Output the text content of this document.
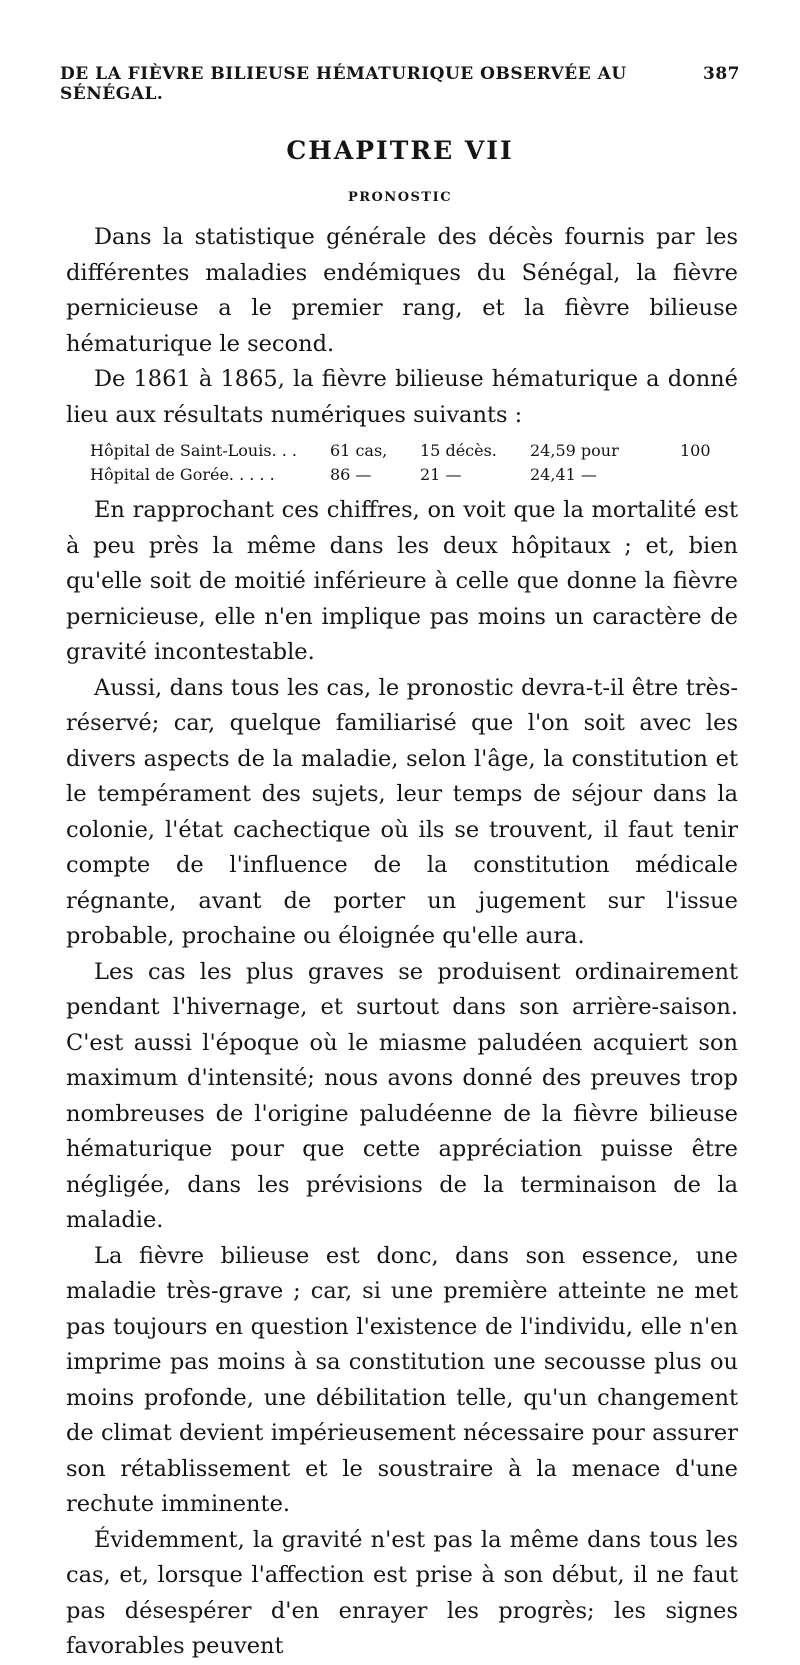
DE LA FIÈVRE BILIEUSE HÉMATURIQUE OBSERVÉE AU SÉNÉGAL.
387
CHAPITRE VII
PRONOSTIC

Dans la statistique générale des décès fournis par les différentes maladies endémiques du Sénégal, la fièvre pernicieuse a le premier rang, et la fièvre bilieuse hématurique le second.

De 1861 à 1865, la fièvre bilieuse hématurique a donné lieu aux résultats numériques suivants :

Hôpital de Saint-Louis. . .	61 cas,	15 décès.	24,59 pour	100
Hôpital de Gorée. . . . .	86 —	21 —	24,41 —

En rapprochant ces chiffres, on voit que la mortalité est à peu près la même dans les deux hôpitaux ; et, bien qu'elle soit de moitié inférieure à celle que donne la fièvre pernicieuse, elle n'en implique pas moins un caractère de gravité incontestable.

Aussi, dans tous les cas, le pronostic devra-t-il être très-réservé; car, quelque familiarisé que l'on soit avec les divers aspects de la maladie, selon l'âge, la constitution et le tempérament des sujets, leur temps de séjour dans la colonie, l'état cachectique où ils se trouvent, il faut tenir compte de l'influence de la constitution médicale régnante, avant de porter un jugement sur l'issue probable, prochaine ou éloignée qu'elle aura.

Les cas les plus graves se produisent ordinairement pendant l'hivernage, et surtout dans son arrière-saison. C'est aussi l'époque où le miasme paludéen acquiert son maximum d'intensité; nous avons donné des preuves trop nombreuses de l'origine paludéenne de la fièvre bilieuse hématurique pour que cette appréciation puisse être négligée, dans les prévisions de la terminaison de la maladie.

La fièvre bilieuse est donc, dans son essence, une maladie très-grave ; car, si une première atteinte ne met pas toujours en question l'existence de l'individu, elle n'en imprime pas moins à sa constitution une secousse plus ou moins profonde, une débilitation telle, qu'un changement de climat devient impérieusement nécessaire pour assurer son rétablissement et le soustraire à la menace d'une rechute imminente.

Évidemment, la gravité n'est pas la même dans tous les cas, et, lorsque l'affection est prise à son début, il ne faut pas désespérer d'en enrayer les progrès; les signes favorables peuvent
